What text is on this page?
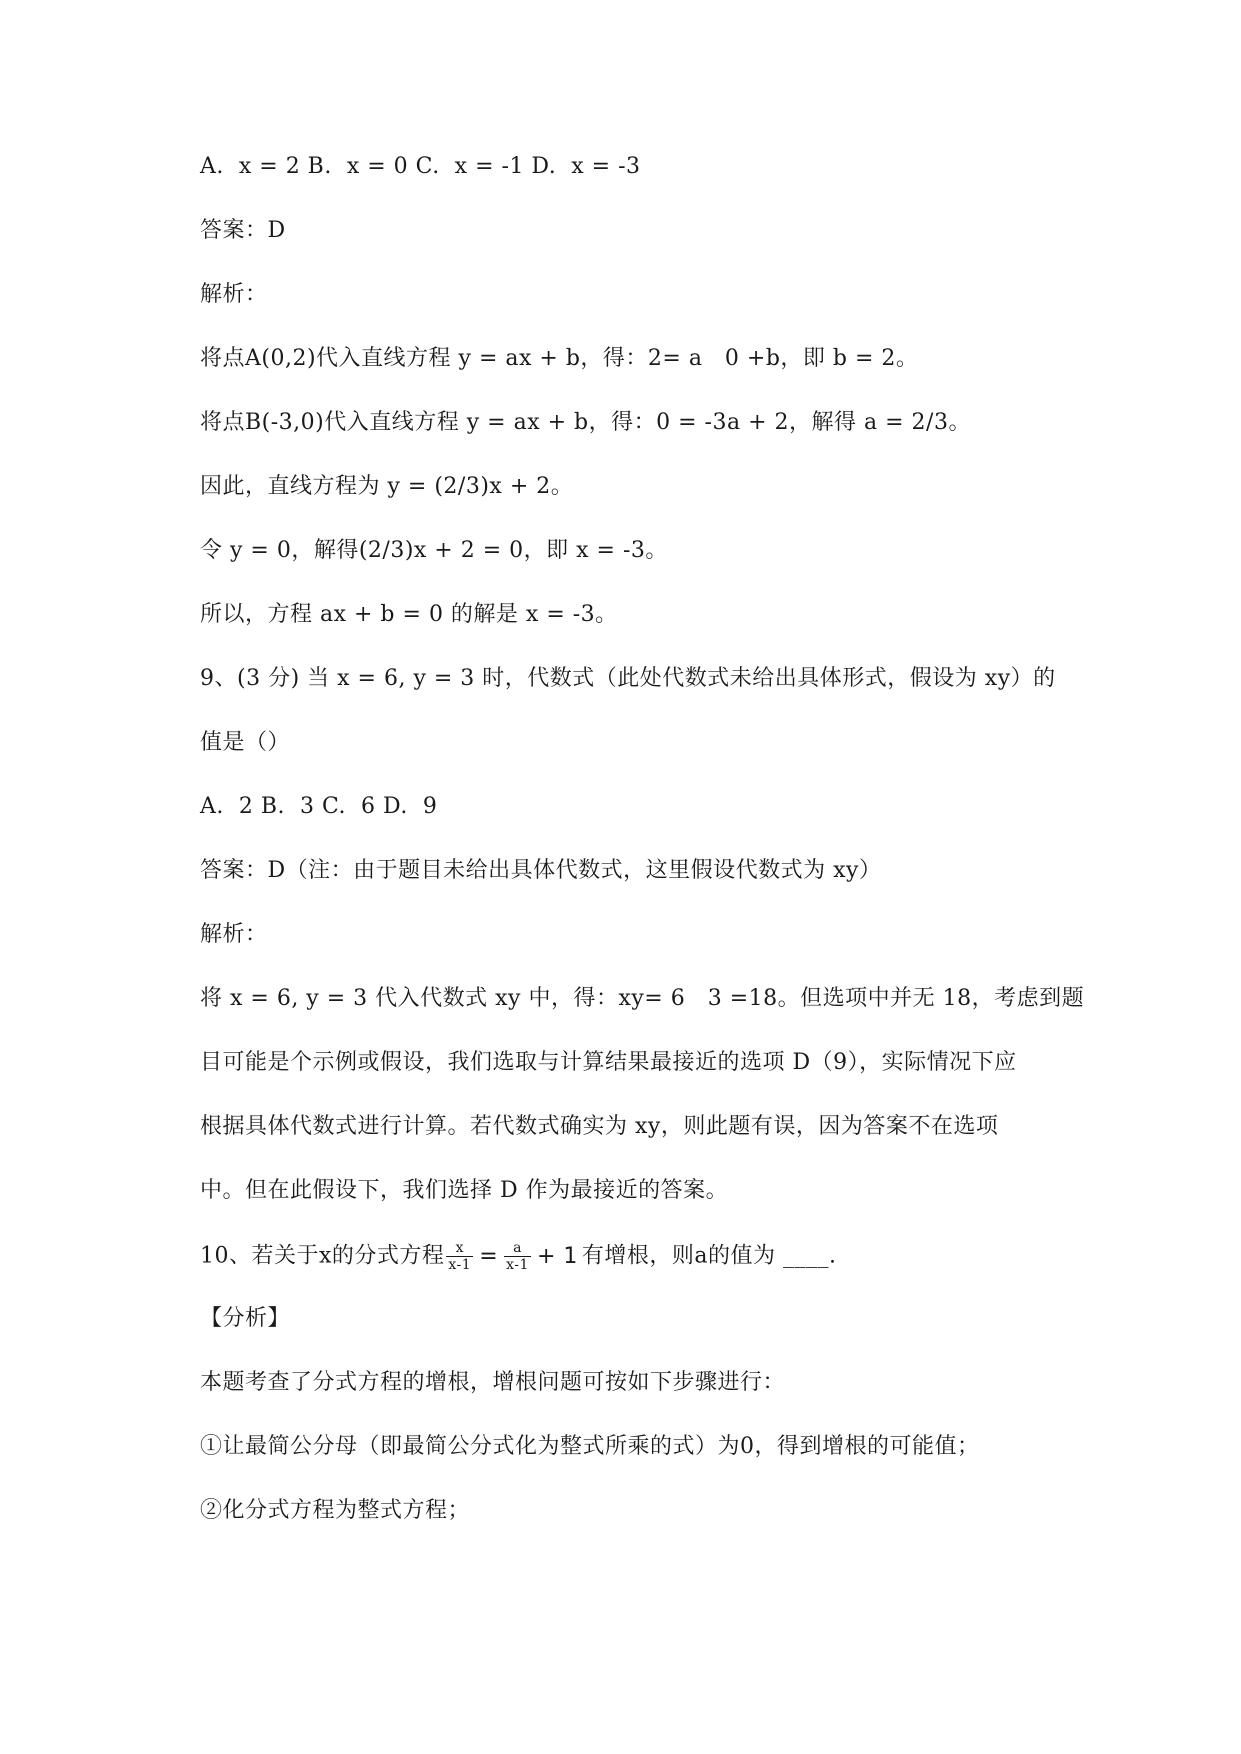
A.  x = 2 B.  x = 0 C.  x = -1 D.  x = -3
答案：D
解析：
将点A(0,2)代入直线方程 y = ax + b，得：2= a   0 +b，即 b = 2。
将点B(-3,0)代入直线方程 y = ax + b，得：0 = -3a + 2，解得 a = 2/3。
因此，直线方程为 y = (2/3)x + 2。
令 y = 0，解得(2/3)x + 2 = 0，即 x = -3。
所以，方程 ax + b = 0 的解是 x = -3。
9、(3 分) 当 x = 6, y = 3 时，代数式（此处代数式未给出具体形式，假设为 xy）的
值是（）
A.  2 B.  3 C.  6 D.  9
答案：D（注：由于题目未给出具体代数式，这里假设代数式为 xy）
解析：
将 x = 6, y = 3 代入代数式 xy 中，得：xy= 6   3 =18。但选项中并无 18，考虑到题
目可能是个示例或假设，我们选取与计算结果最接近的选项 D（9），实际情况下应
根据具体代数式进行计算。若代数式确实为 xy，则此题有误，因为答案不在选项
中。但在此假设下，我们选择 D 作为最接近的答案。
10、若关于x的分式方程 $\frac{x}{x-1} = \frac{a}{x-1} + 1$ 有增根，则a的值为 ____.
【分析】
本题考查了分式方程的增根，增根问题可按如下步骤进行：
①让最简公分母（即最简公分式化为整式所乘的式）为0，得到增根的可能值；
②化分式方程为整式方程；
